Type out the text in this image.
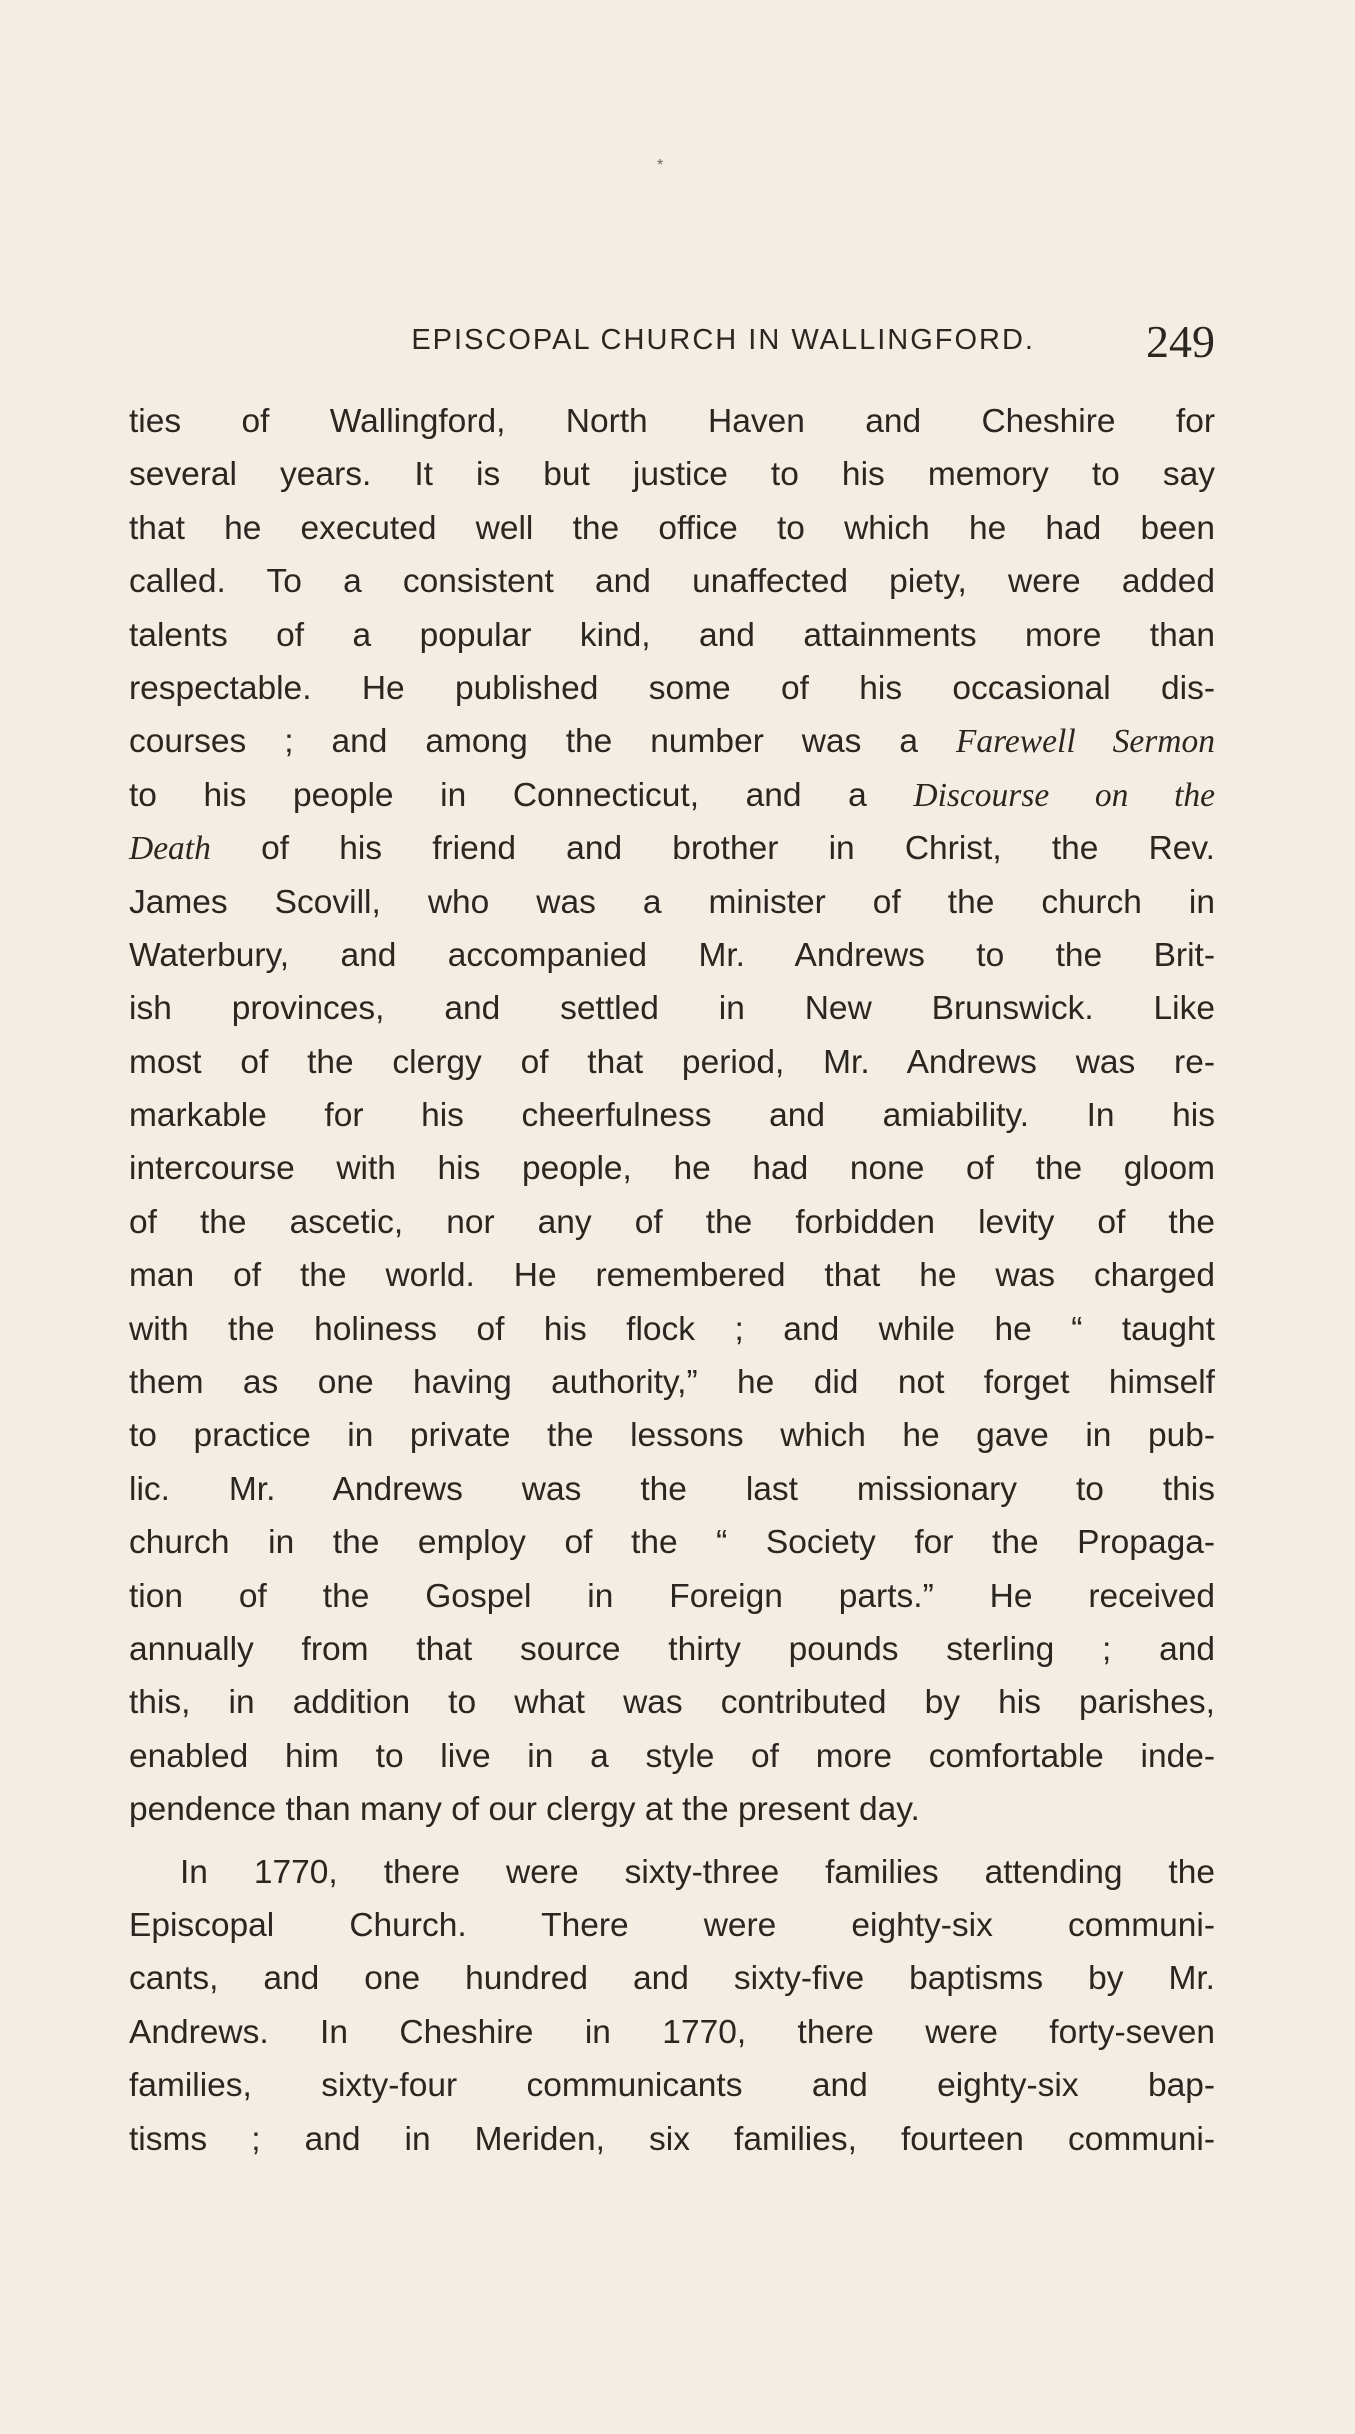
*
EPISCOPAL CHURCH IN WALLINGFORD. 249
ties of Wallingford, North Haven and Cheshire for
several years. It is but justice to his memory to say
that he executed well the office to which he had been
called. To a consistent and unaffected piety, were added
talents of a popular kind, and attainments more than
respectable. He published some of his occasional dis-
courses ; and among the number was a Farewell Sermon
to his people in Connecticut, and a Discourse on the
Death of his friend and brother in Christ, the Rev.
James Scovill, who was a minister of the church in
Waterbury, and accompanied Mr. Andrews to the Brit-
ish provinces, and settled in New Brunswick. Like
most of the clergy of that period, Mr. Andrews was re-
markable for his cheerfulness and amiability. In his
intercourse with his people, he had none of the gloom
of the ascetic, nor any of the forbidden levity of the
man of the world. He remembered that he was charged
with the holiness of his flock ; and while he “ taught
them as one having authority,” he did not forget himself
to practice in private the lessons which he gave in pub-
lic. Mr. Andrews was the last missionary to this
church in the employ of the “ Society for the Propaga-
tion of the Gospel in Foreign parts.” He received
annually from that source thirty pounds sterling ; and
this, in addition to what was contributed by his parishes,
enabled him to live in a style of more comfortable inde-
pendence than many of our clergy at the present day.
In 1770, there were sixty-three families attending the
Episcopal Church. There were eighty-six communi-
cants, and one hundred and sixty-five baptisms by Mr.
Andrews. In Cheshire in 1770, there were forty-seven
families, sixty-four communicants and eighty-six bap-
tisms ; and in Meriden, six families, fourteen communi-
